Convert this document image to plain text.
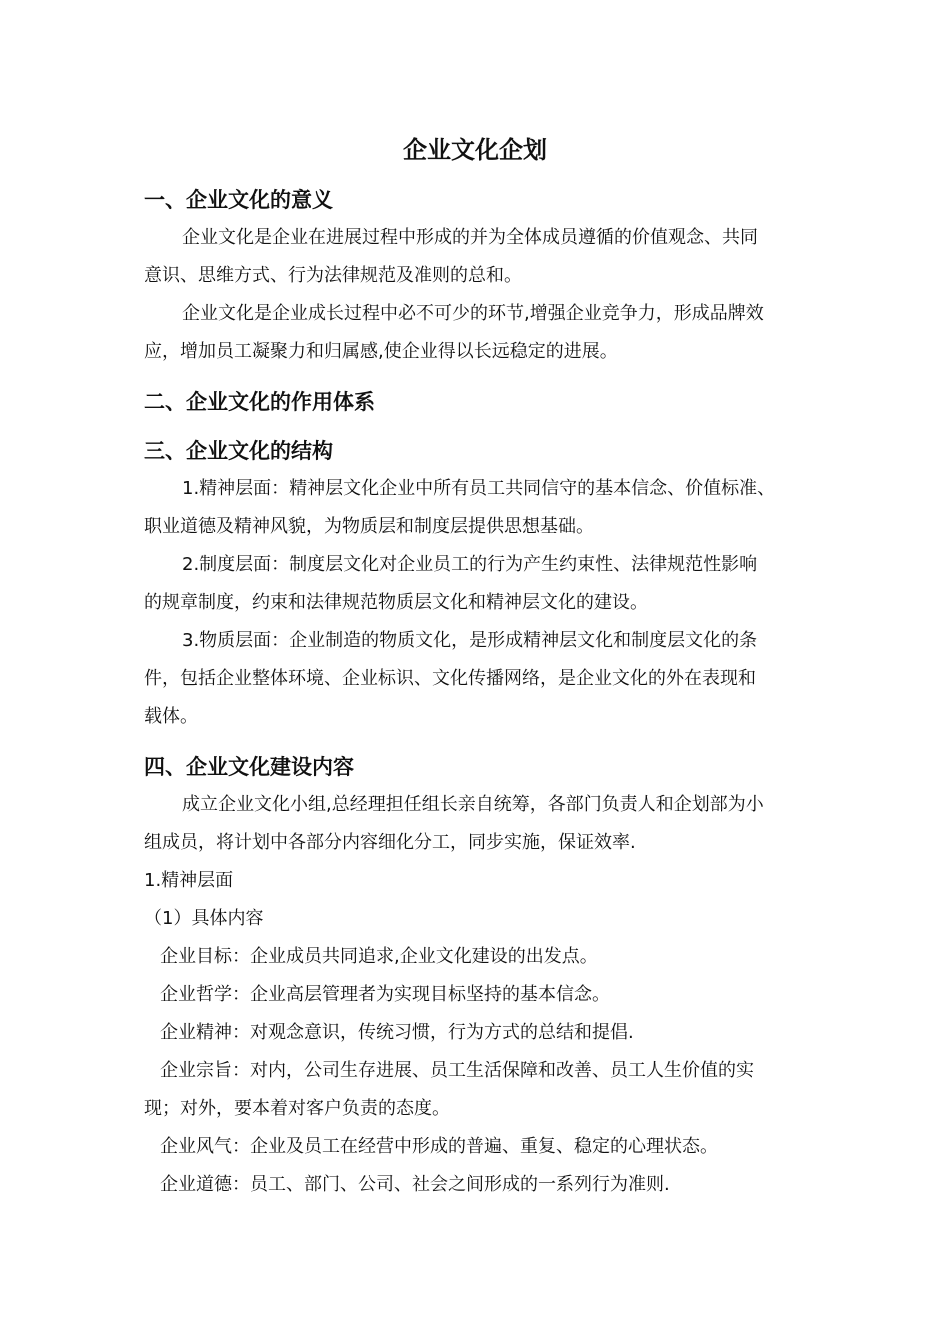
企业文化企划
一、企业文化的意义
企业文化是企业在进展过程中形成的并为全体成员遵循的价值观念、共同
意识、思维方式、行为法律规范及准则的总和。
企业文化是企业成长过程中必不可少的环节,增强企业竞争力，形成品牌效
应，增加员工凝聚力和归属感,使企业得以长远稳定的进展。
二、企业文化的作用体系
三、企业文化的结构
1.精神层面：精神层文化企业中所有员工共同信守的基本信念、价值标准、
职业道德及精神风貌，为物质层和制度层提供思想基础。
2.制度层面：制度层文化对企业员工的行为产生约束性、法律规范性影响
的规章制度，约束和法律规范物质层文化和精神层文化的建设。
3.物质层面：企业制造的物质文化，是形成精神层文化和制度层文化的条
件，包括企业整体环境、企业标识、文化传播网络，是企业文化的外在表现和
载体。
四、企业文化建设内容
成立企业文化小组,总经理担任组长亲自统筹，各部门负责人和企划部为小
组成员，将计划中各部分内容细化分工，同步实施，保证效率.
1.精神层面
（1）具体内容
企业目标：企业成员共同追求,企业文化建设的出发点。
企业哲学：企业高层管理者为实现目标坚持的基本信念。
企业精神：对观念意识，传统习惯，行为方式的总结和提倡.
企业宗旨：对内，公司生存进展、员工生活保障和改善、员工人生价值的实
现；对外，要本着对客户负责的态度。
企业风气：企业及员工在经营中形成的普遍、重复、稳定的心理状态。
企业道德：员工、部门、公司、社会之间形成的一系列行为准则.
